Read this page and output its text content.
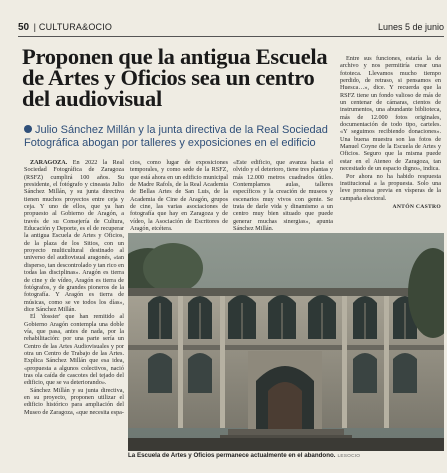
50 | CULTURA&OCIO	Lunes 5 de junio
Proponen que la antigua Escuela de Artes y Oficios sea un centro del audiovisual
Julio Sánchez Millán y la junta directiva de la Real Sociedad Fotográfica abogan por talleres y exposiciones en el edificio

ZARAGOZA. En 2022 la Real Sociedad Fotográfica de Zaragoza (RSFZ) cumplirá 100 años. Su presidente, el fotógrafo y cineasta Julio Sánchez Millán, y su junta directiva tienen muchos proyectos entre ceja y ceja. Y uno de ellos, que ya han propuesto al Gobierno de Aragón, a través de su Consejería de Cultura, Educación y Deporte, es el de recuperar la antigua Escuela de Artes y Oficios, de la plaza de los Sitios, con un proyecto multicultural destinado al universo del audiovisual aragonés, «tan disperso, tan descontrolado y tan rico en todas las disciplinas». Aragón es tierra de cine y de vídeo, Aragón es tierra de fotógrafos, y de grandes pioneros de la fotografía. Y Aragón es tierra de músicas, como se ve todos los días», dice Sánchez Millán.

El 'dossier' que han remitido al Gobierno Aragón contempla una doble vía, que pasa, antes de nada, por la rehabilitación: por una parte sería un Centro de las Artes Audiovisuales y por otra un Centro de Trabajo de las Artes. Explica Sánchez Millán que esa idea, «propuesta a algunos colectivos, nació tras ola caída de cascotes del tejado del edificio, que se va deteriorando».

Sánchez Millán y su junta directiva, en su proyecto, proponen utilizar el edificio histórico para ampliación del Museo de Zaragoza, «que necesita espa-

cios, como lugar de exposiciones temporales, y como sede de la RSFZ, que está ahora en un edificio municipal de Madre Rafols, de la Real Academia de Bellas Artes de San Luis, de la Academia de Cine de Aragón, grupos de cine, las varias asociaciones de fotografía que hay en Zaragoza y de vídeo, la Asociación de Escritores de Aragón, etcétera.

«Este edificio, que avanza hacia el olvido y el deterioro, tiene tres plantas y más 12.000 metros cuadrados útiles. Contemplamos aulas, talleres específicos y la creación de museos y escenarios muy vivos con gente. Se trata de darle vida y dinamismo a un centro muy bien situado que puede generar muchas sinergias», apunta Sánchez Millán.

Entre sus funciones, estaría la de archivo y nos permitiría crear una fototeca. Llevamos mucho tiempo perdido, de retraso, si pensamos en Huesca…», dice. Y recuerda que la RSFZ tiene un fondo valioso de más de un centenar de cámaras, cientos de instrumentos, una abundante biblioteca, más de 12.000 fotos originales, documentación de todo tipo, carteles. «Y seguimos recibiendo donaciones». Una buena muestra son las fotos de Manuel Coyne de la Escuela de Artes y Oficios. Seguro que la misma puede estar en el Ateneo de Zaragoza, tan necesitado de un espacio digno», indica.

Por ahora no ha habido respuesta institucional a la propuesta. Solo una leve promesa previa en vísperas de la campaña electoral.

ANTÓN CASTRO
La Escuela de Artes y Oficios permanece actualmente en el abandono. LESOCIO
